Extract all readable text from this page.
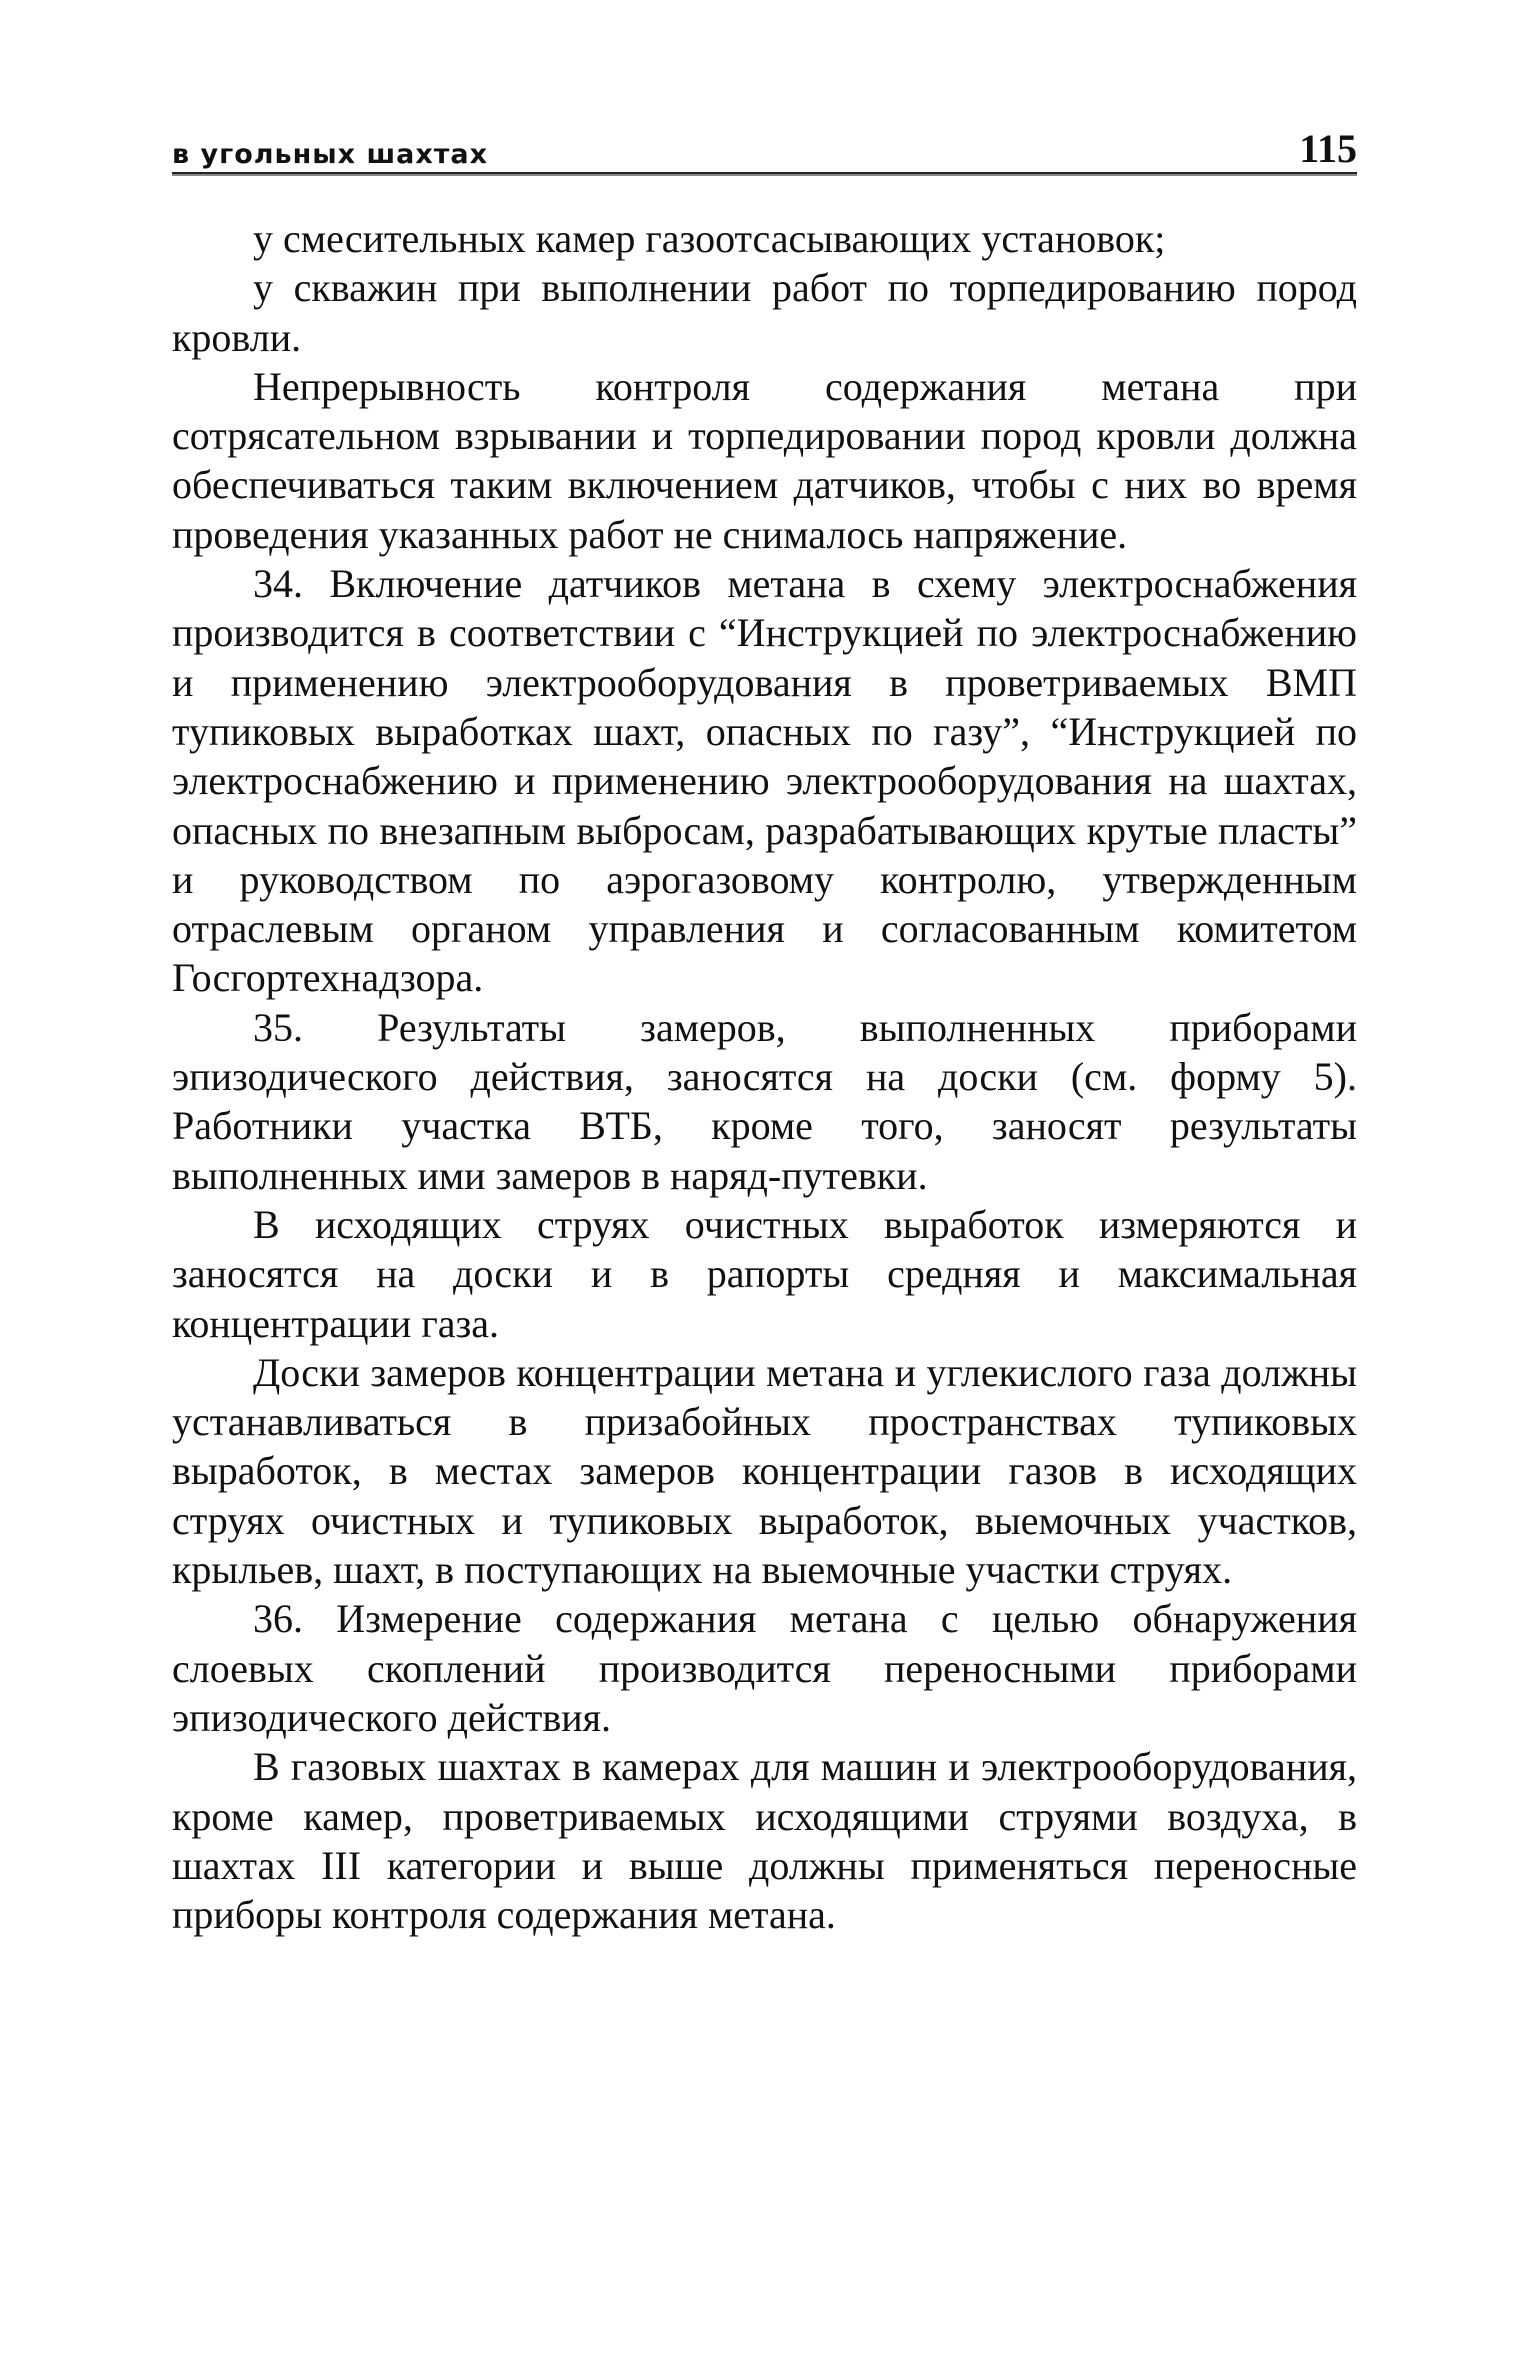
в угольных шахтах	115

у смесительных камер газоотсасывающих установок;

у скважин при выполнении работ по торпедированию пород кровли.

Непрерывность контроля содержания метана при сотрясательном взрывании и торпедировании пород кровли должна обеспечиваться таким включением датчиков, чтобы с них во время проведения указанных работ не снималось напряжение.

34. Включение датчиков метана в схему электроснабжения производится в соответствии с “Инструкцией по электроснабжению и применению электрооборудования в проветриваемых ВМП тупиковых выработках шахт, опасных по газу”, “Инструкцией по электроснабжению и применению электрооборудования на шахтах, опасных по внезапным выбросам, разрабатывающих крутые пласты” и руководством по аэрогазовому контролю, утвержденным отраслевым органом управления и согласованным комитетом Госгортехнадзора.

35. Результаты замеров, выполненных приборами эпизодического действия, заносятся на доски (см. форму 5). Работники участка ВТБ, кроме того, заносят результаты выполненных ими замеров в наряд-путевки.

В исходящих струях очистных выработок измеряются и заносятся на доски и в рапорты средняя и максимальная концентрации газа.

Доски замеров концентрации метана и углекислого газа должны устанавливаться в призабойных пространствах тупиковых выработок, в местах замеров концентрации газов в исходящих струях очистных и тупиковых выработок, выемочных участков, крыльев, шахт, в поступающих на выемочные участки струях.

36. Измерение содержания метана с целью обнаружения слоевых скоплений производится переносными приборами эпизодического действия.

В газовых шахтах в камерах для машин и электрооборудования, кроме камер, проветриваемых исходящими струями воздуха, в шахтах III категории и выше должны применяться переносные приборы контроля содержания метана.
